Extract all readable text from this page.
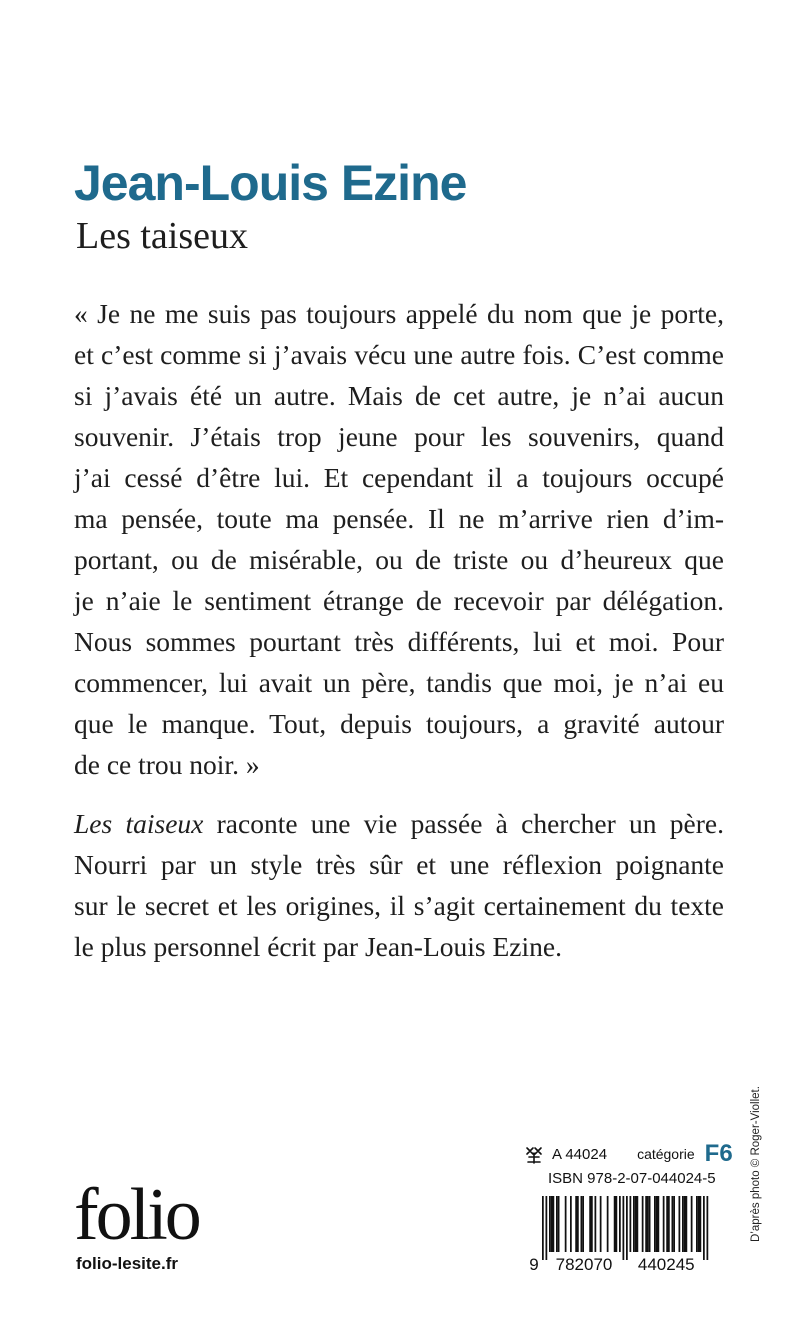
Jean-Louis Ezine
Les taiseux
« Je ne me suis pas toujours appelé du nom que je porte,
et c’est comme si j’avais vécu une autre fois. C’est comme
si j’avais été un autre. Mais de cet autre, je n’ai aucun
souvenir. J’étais trop jeune pour les souvenirs, quand
j’ai cessé d’être lui. Et cependant il a toujours occupé
ma pensée, toute ma pensée. Il ne m’arrive rien d’im-
portant, ou de misérable, ou de triste ou d’heureux que
je n’aie le sentiment étrange de recevoir par délégation.
Nous sommes pourtant très différents, lui et moi. Pour
commencer, lui avait un père, tandis que moi, je n’ai eu
que le manque. Tout, depuis toujours, a gravité autour
de ce trou noir. »
Les taiseux raconte une vie passée à chercher un père.
Nourri par un style très sûr et une réflexion poignante
sur le secret et les origines, il s’agit certainement du texte
le plus personnel écrit par Jean-Louis Ezine.
folio
folio-lesite.fr
A 44024 catégorie F6
ISBN 978-2-07-044024-5
9 782070 440245
D’après photo © Roger-Viollet.
